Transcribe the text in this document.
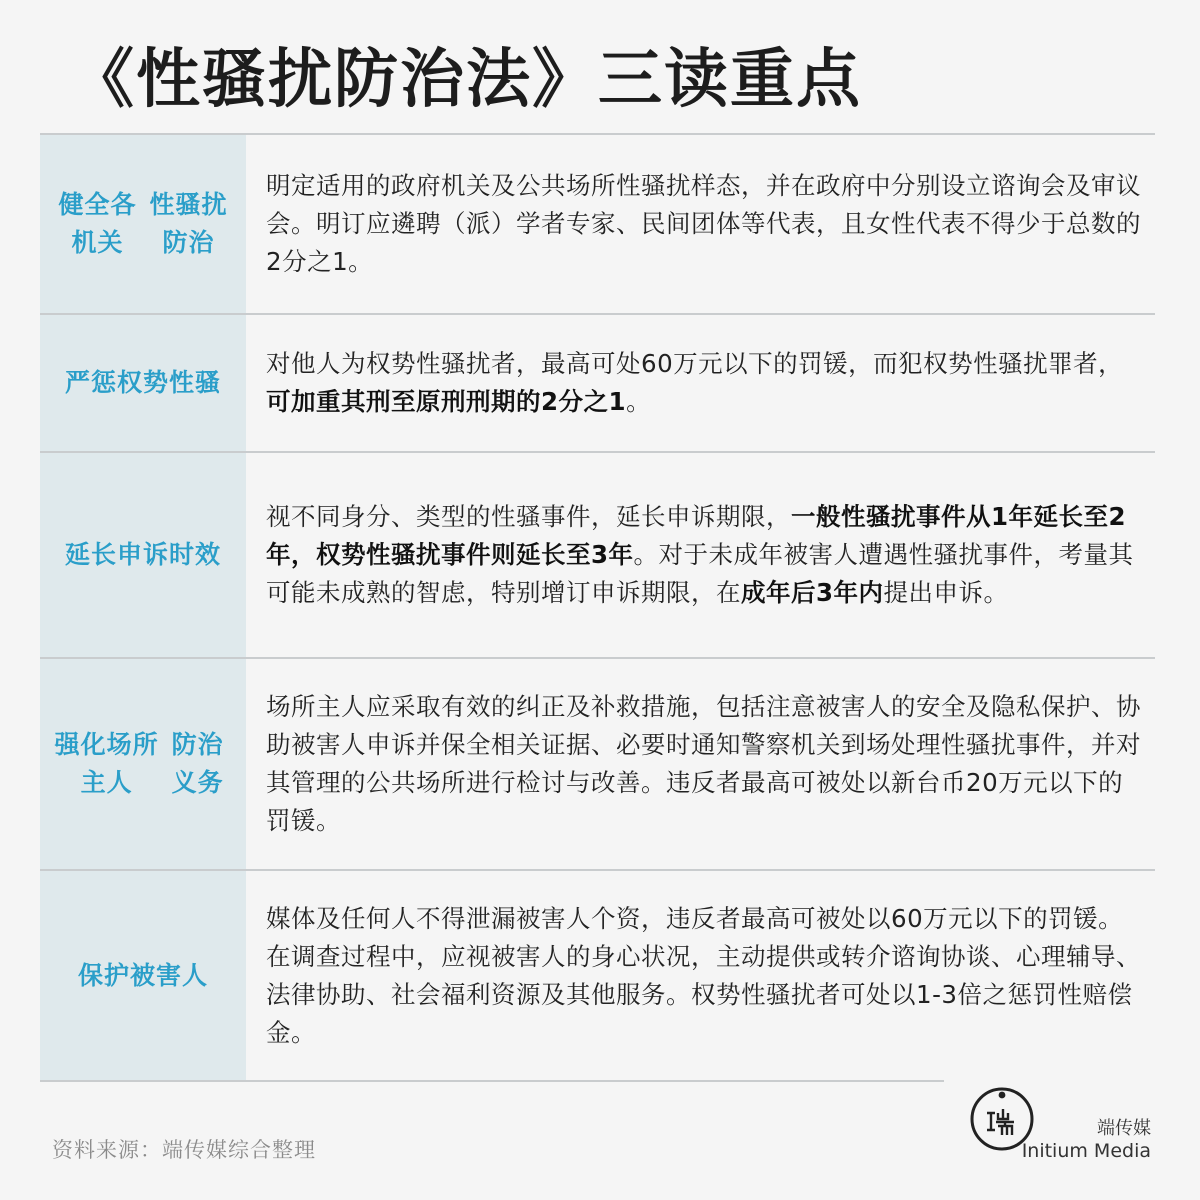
《性骚扰防治法》三读重点
健全各机关
性骚扰防治
明定适用的政府机关及公共场所性骚扰样态，并在政府中分别设立谘询会及审议会。明订应遴聘（派）学者专家、民间团体等代表，且女性代表不得少于总数的2分之1。
严惩权势性骚
对他人为权势性骚扰者，最高可处60万元以下的罚锾，而犯权势性骚扰罪者，可加重其刑至原刑刑期的2分之1。
延长申诉时效
视不同身分、类型的性骚事件，延长申诉期限，一般性骚扰事件从1年延长至2年，权势性骚扰事件则延长至3年。对于未成年被害人遭遇性骚扰事件，考量其可能未成熟的智虑，特别增订申诉期限，在成年后3年内提出申诉。
强化场所主人
防治义务
场所主人应采取有效的纠正及补救措施，包括注意被害人的安全及隐私保护、协助被害人申诉并保全相关证据、必要时通知警察机关到场处理性骚扰事件，并对其管理的公共场所进行检讨与改善。违反者最高可被处以新台币20万元以下的罚锾。
保护被害人
媒体及任何人不得泄漏被害人个资，违反者最高可被处以60万元以下的罚锾。在调查过程中，应视被害人的身心状况，主动提供或转介谘询协谈、心理辅导、法律协助、社会福利资源及其他服务。权势性骚扰者可处以1-3倍之惩罚性赔偿金。
资料来源：端传媒综合整理
端传媒
Initium Media
